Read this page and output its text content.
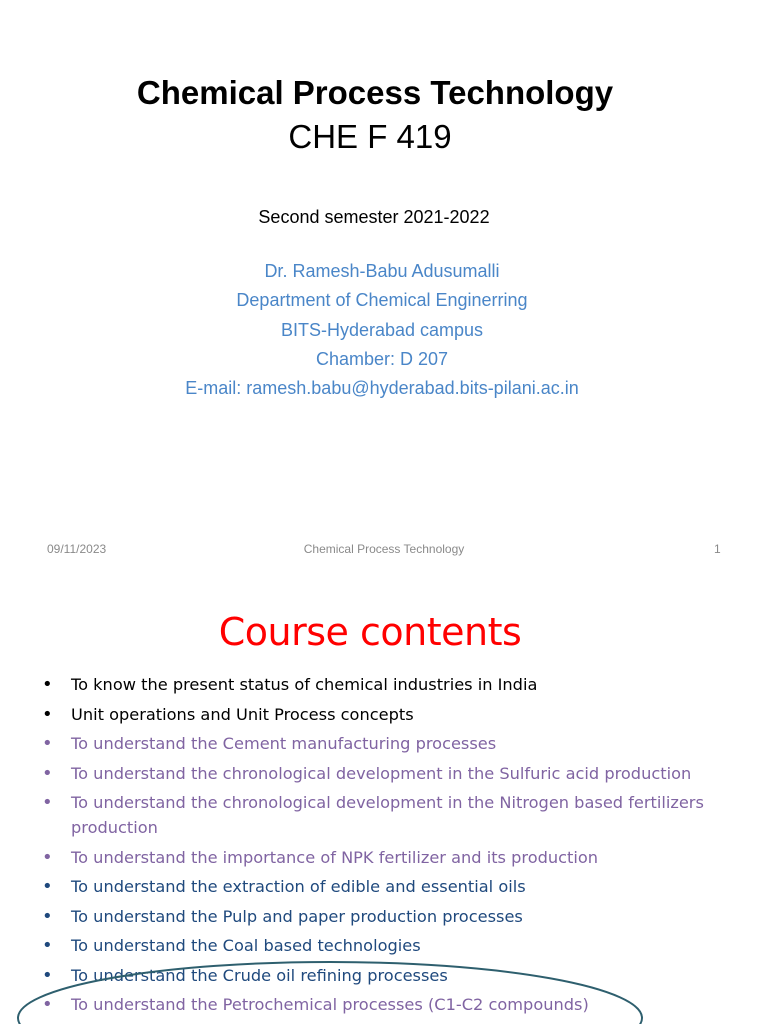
Chemical Process Technology
CHE F 419
Second semester 2021-2022
Dr. Ramesh-Babu Adusumalli
Department of Chemical Enginerring
BITS-Hyderabad campus
Chamber: D 207
E-mail: ramesh.babu@hyderabad.bits-pilani.ac.in
09/11/2023	Chemical Process Technology	1
Course contents
• To know the present status of chemical industries in India
• Unit operations and Unit Process concepts
• To understand the Cement manufacturing processes
• To understand the chronological development in the Sulfuric acid production
• To understand the chronological development in the Nitrogen based fertilizers production
• To understand the importance of NPK fertilizer and its production
• To understand the extraction of edible and essential oils
• To understand the Pulp and paper production processes
• To understand the Coal based technologies
• To understand the Crude oil refining processes
• To understand the Petrochemical processes (C1-C2 compounds)
